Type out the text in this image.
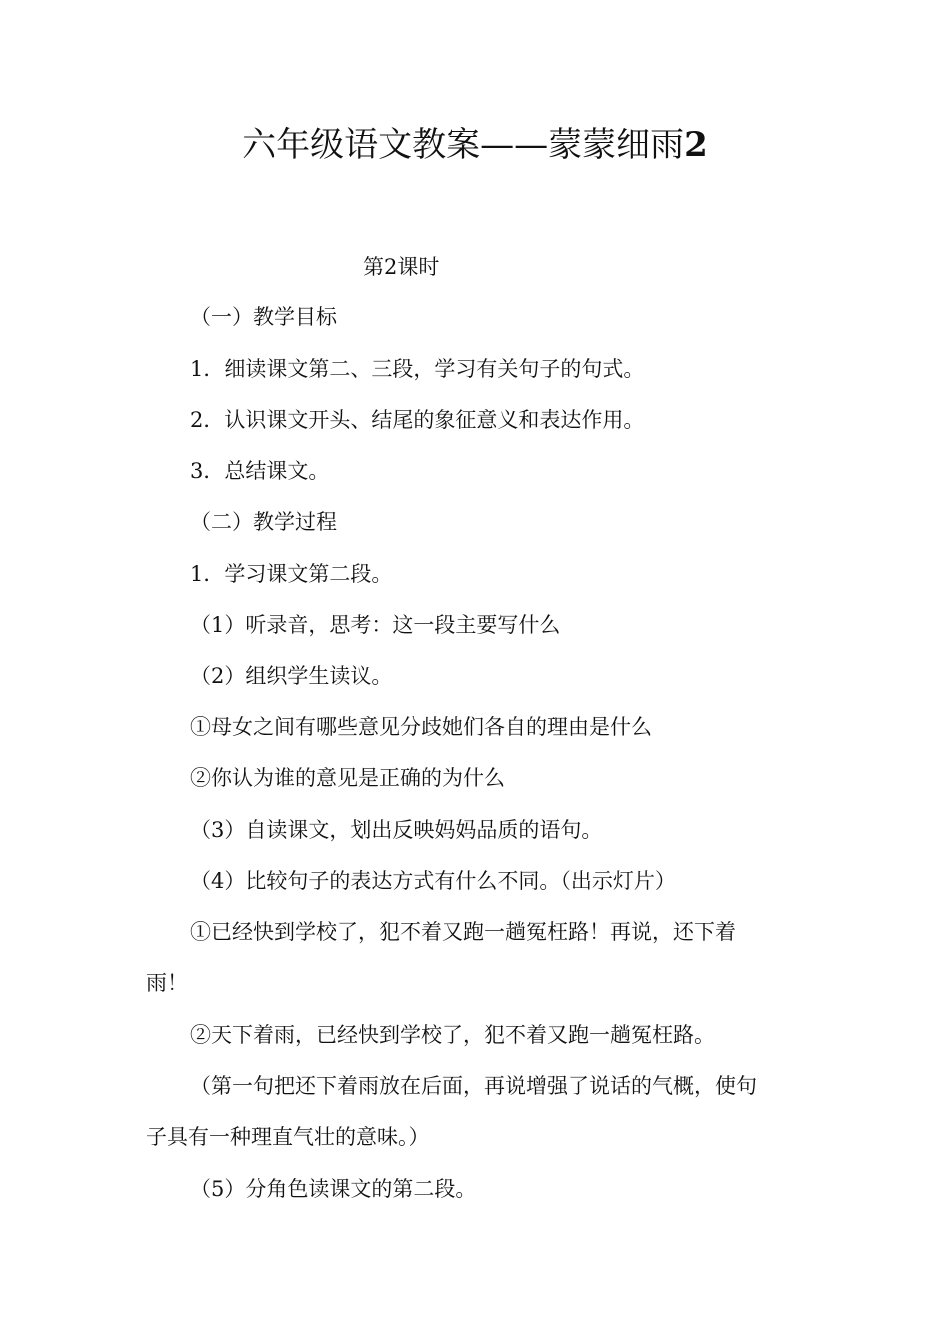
六年级语文教案——蒙蒙细雨2

第2课时

（一）教学目标

1．细读课文第二、三段，学习有关句子的句式。

2．认识课文开头、结尾的象征意义和表达作用。

3．总结课文。

（二）教学过程

1．学习课文第二段。

（1）听录音，思考：这一段主要写什么

（2）组织学生读议。

①母女之间有哪些意见分歧她们各自的理由是什么

②你认为谁的意见是正确的为什么

（3）自读课文，划出反映妈妈品质的语句。

（4）比较句子的表达方式有什么不同。（出示灯片）

①已经快到学校了，犯不着又跑一趟冤枉路！再说，还下着

雨！

②天下着雨，已经快到学校了，犯不着又跑一趟冤枉路。

（第一句把还下着雨放在后面，再说增强了说话的气概，使句

子具有一种理直气壮的意味。）

（5）分角色读课文的第二段。
